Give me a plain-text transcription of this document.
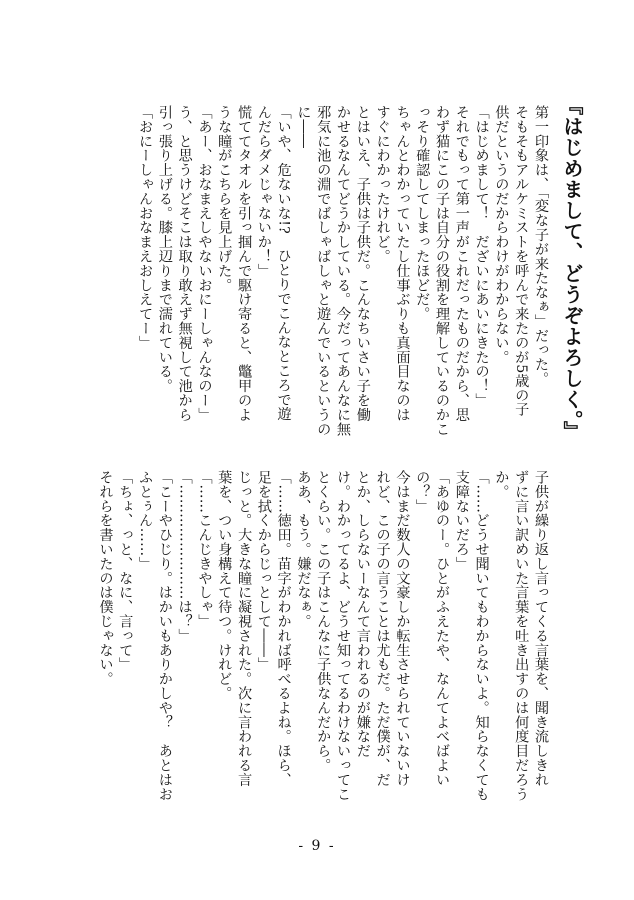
『はじめまして、どうぞよろしく。』
第一印象は、「変な子が来たなぁ」だった。
そもそもアルケミストを呼んで来たのが5歳の子
供だというのだからわけがわからない。
「はじめまして！　だざいにあいにきたの！」
それでもって第一声がこれだったものだから、思
わず猫にこの子は自分の役割を理解しているのかこ
っそり確認してしまったほどだ。
ちゃんとわかっていたし仕事ぶりも真面目なのは
すぐにわかったけれど。
とはいえ、子供は子供だ。こんなちいさい子を働
かせるなんてどうかしている。今だってあんなに無
邪気に池の淵でばしゃばしゃと遊んでいるというの
に――
「いや、危ないな!?　ひとりでこんなところで遊
んだらダメじゃないか！」
慌ててタオルを引っ掴んで駆け寄ると、鼈甲のよ
うな瞳がこちらを見上げた。
「あー、おなまえしやないおにーしゃんなのー」
う、と思うけどそこは取り敢えず無視して池から
引っ張り上げる。膝上辺りまで濡れている。
「おにーしゃんおなまえおしえてー」
子供が繰り返し言ってくる言葉を、聞き流しきれ
ずに言い訳めいた言葉を吐き出すのは何度目だろう
か。
「……どうせ聞いてもわからないよ。知らなくても
支障ないだろ」
「あゆのー。ひとがふえたや、なんてよべばよい
の？」
今はまだ数人の文豪しか転生させられていないけ
れど、この子の言うことは尤もだ。ただ僕が、だ
とか、しらないーなんて言われるのが嫌なだ
け。わかってるよ、どうせ知ってるわけないってこ
とくらい。この子はこんなに子供なんだから。
ああ、もう。嫌だなぁ。
「……徳田。苗字がわかれば呼べるよね。ほら、
足を拭くからじっとして――」
じっと。大きな瞳に凝視された。次に言われる言
葉を、つい身構えて待つ。けれど。
「……こんじきやしゃ」
「……………………は？」
「こーやひじり。はかいもありかしや？　あとはお
ふとぅん……」
「ちょ、っと、なに、言って」
それらを書いたのは僕じゃない。
- 9 -
